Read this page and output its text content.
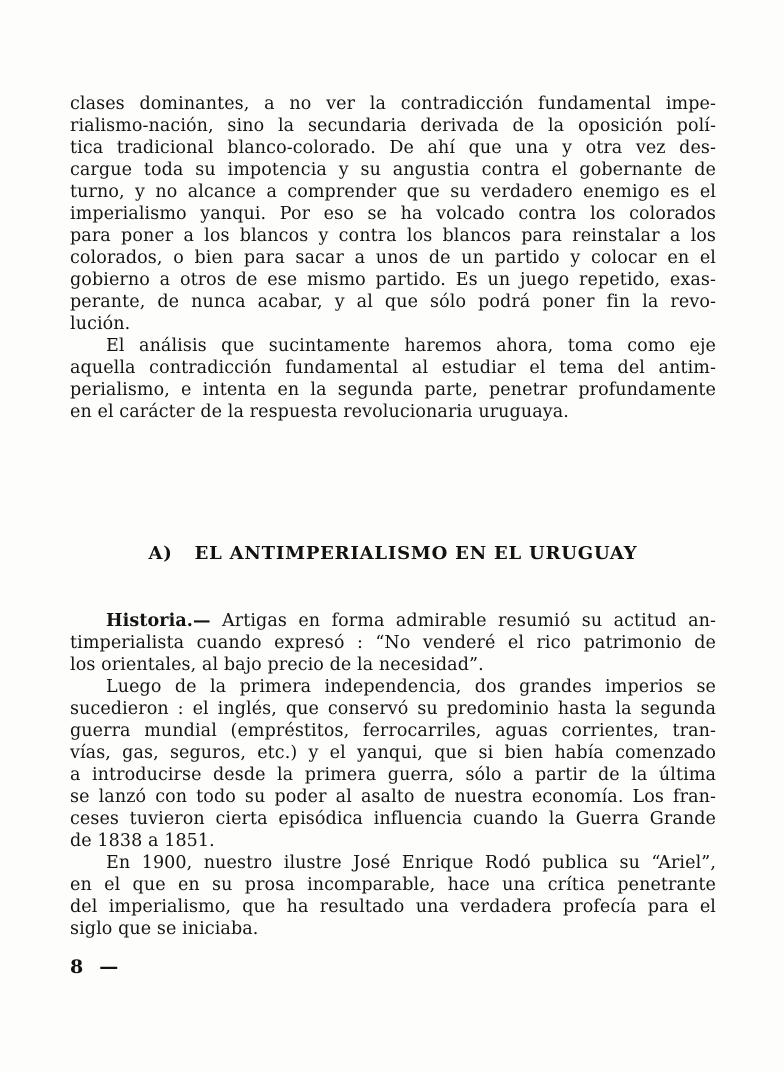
clases dominantes, a no ver la contradicción fundamental impe-
rialismo-nación, sino la secundaria derivada de la oposición polí-
tica tradicional blanco-colorado. De ahí que una y otra vez des-
cargue toda su impotencia y su angustia contra el gobernante de
turno, y no alcance a comprender que su verdadero enemigo es el
imperialismo yanqui. Por eso se ha volcado contra los colorados
para poner a los blancos y contra los blancos para reinstalar a los
colorados, o bien para sacar a unos de un partido y colocar en el
gobierno a otros de ese mismo partido. Es un juego repetido, exas-
perante, de nunca acabar, y al que sólo podrá poner fin la revo-
lución.
El análisis que sucintamente haremos ahora, toma como eje
aquella contradicción fundamental al estudiar el tema del antim-
perialismo, e intenta en la segunda parte, penetrar profundamente
en el carácter de la respuesta revolucionaria uruguaya.
A) EL ANTIMPERIALISMO EN EL URUGUAY
Historia.— Artigas en forma admirable resumió su actitud an-
timperialista cuando expresó : “No venderé el rico patrimonio de
los orientales, al bajo precio de la necesidad”.
Luego de la primera independencia, dos grandes imperios se
sucedieron : el inglés, que conservó su predominio hasta la segunda
guerra mundial (empréstitos, ferrocarriles, aguas corrientes, tran-
vías, gas, seguros, etc.) y el yanqui, que si bien había comenzado
a introducirse desde la primera guerra, sólo a partir de la última
se lanzó con todo su poder al asalto de nuestra economía. Los fran-
ceses tuvieron cierta episódica influencia cuando la Guerra Grande
de 1838 a 1851.
En 1900, nuestro ilustre José Enrique Rodó publica su “Ariel”,
en el que en su prosa incomparable, hace una crítica penetrante
del imperialismo, que ha resultado una verdadera profecía para el
siglo que se iniciaba.
8 —
